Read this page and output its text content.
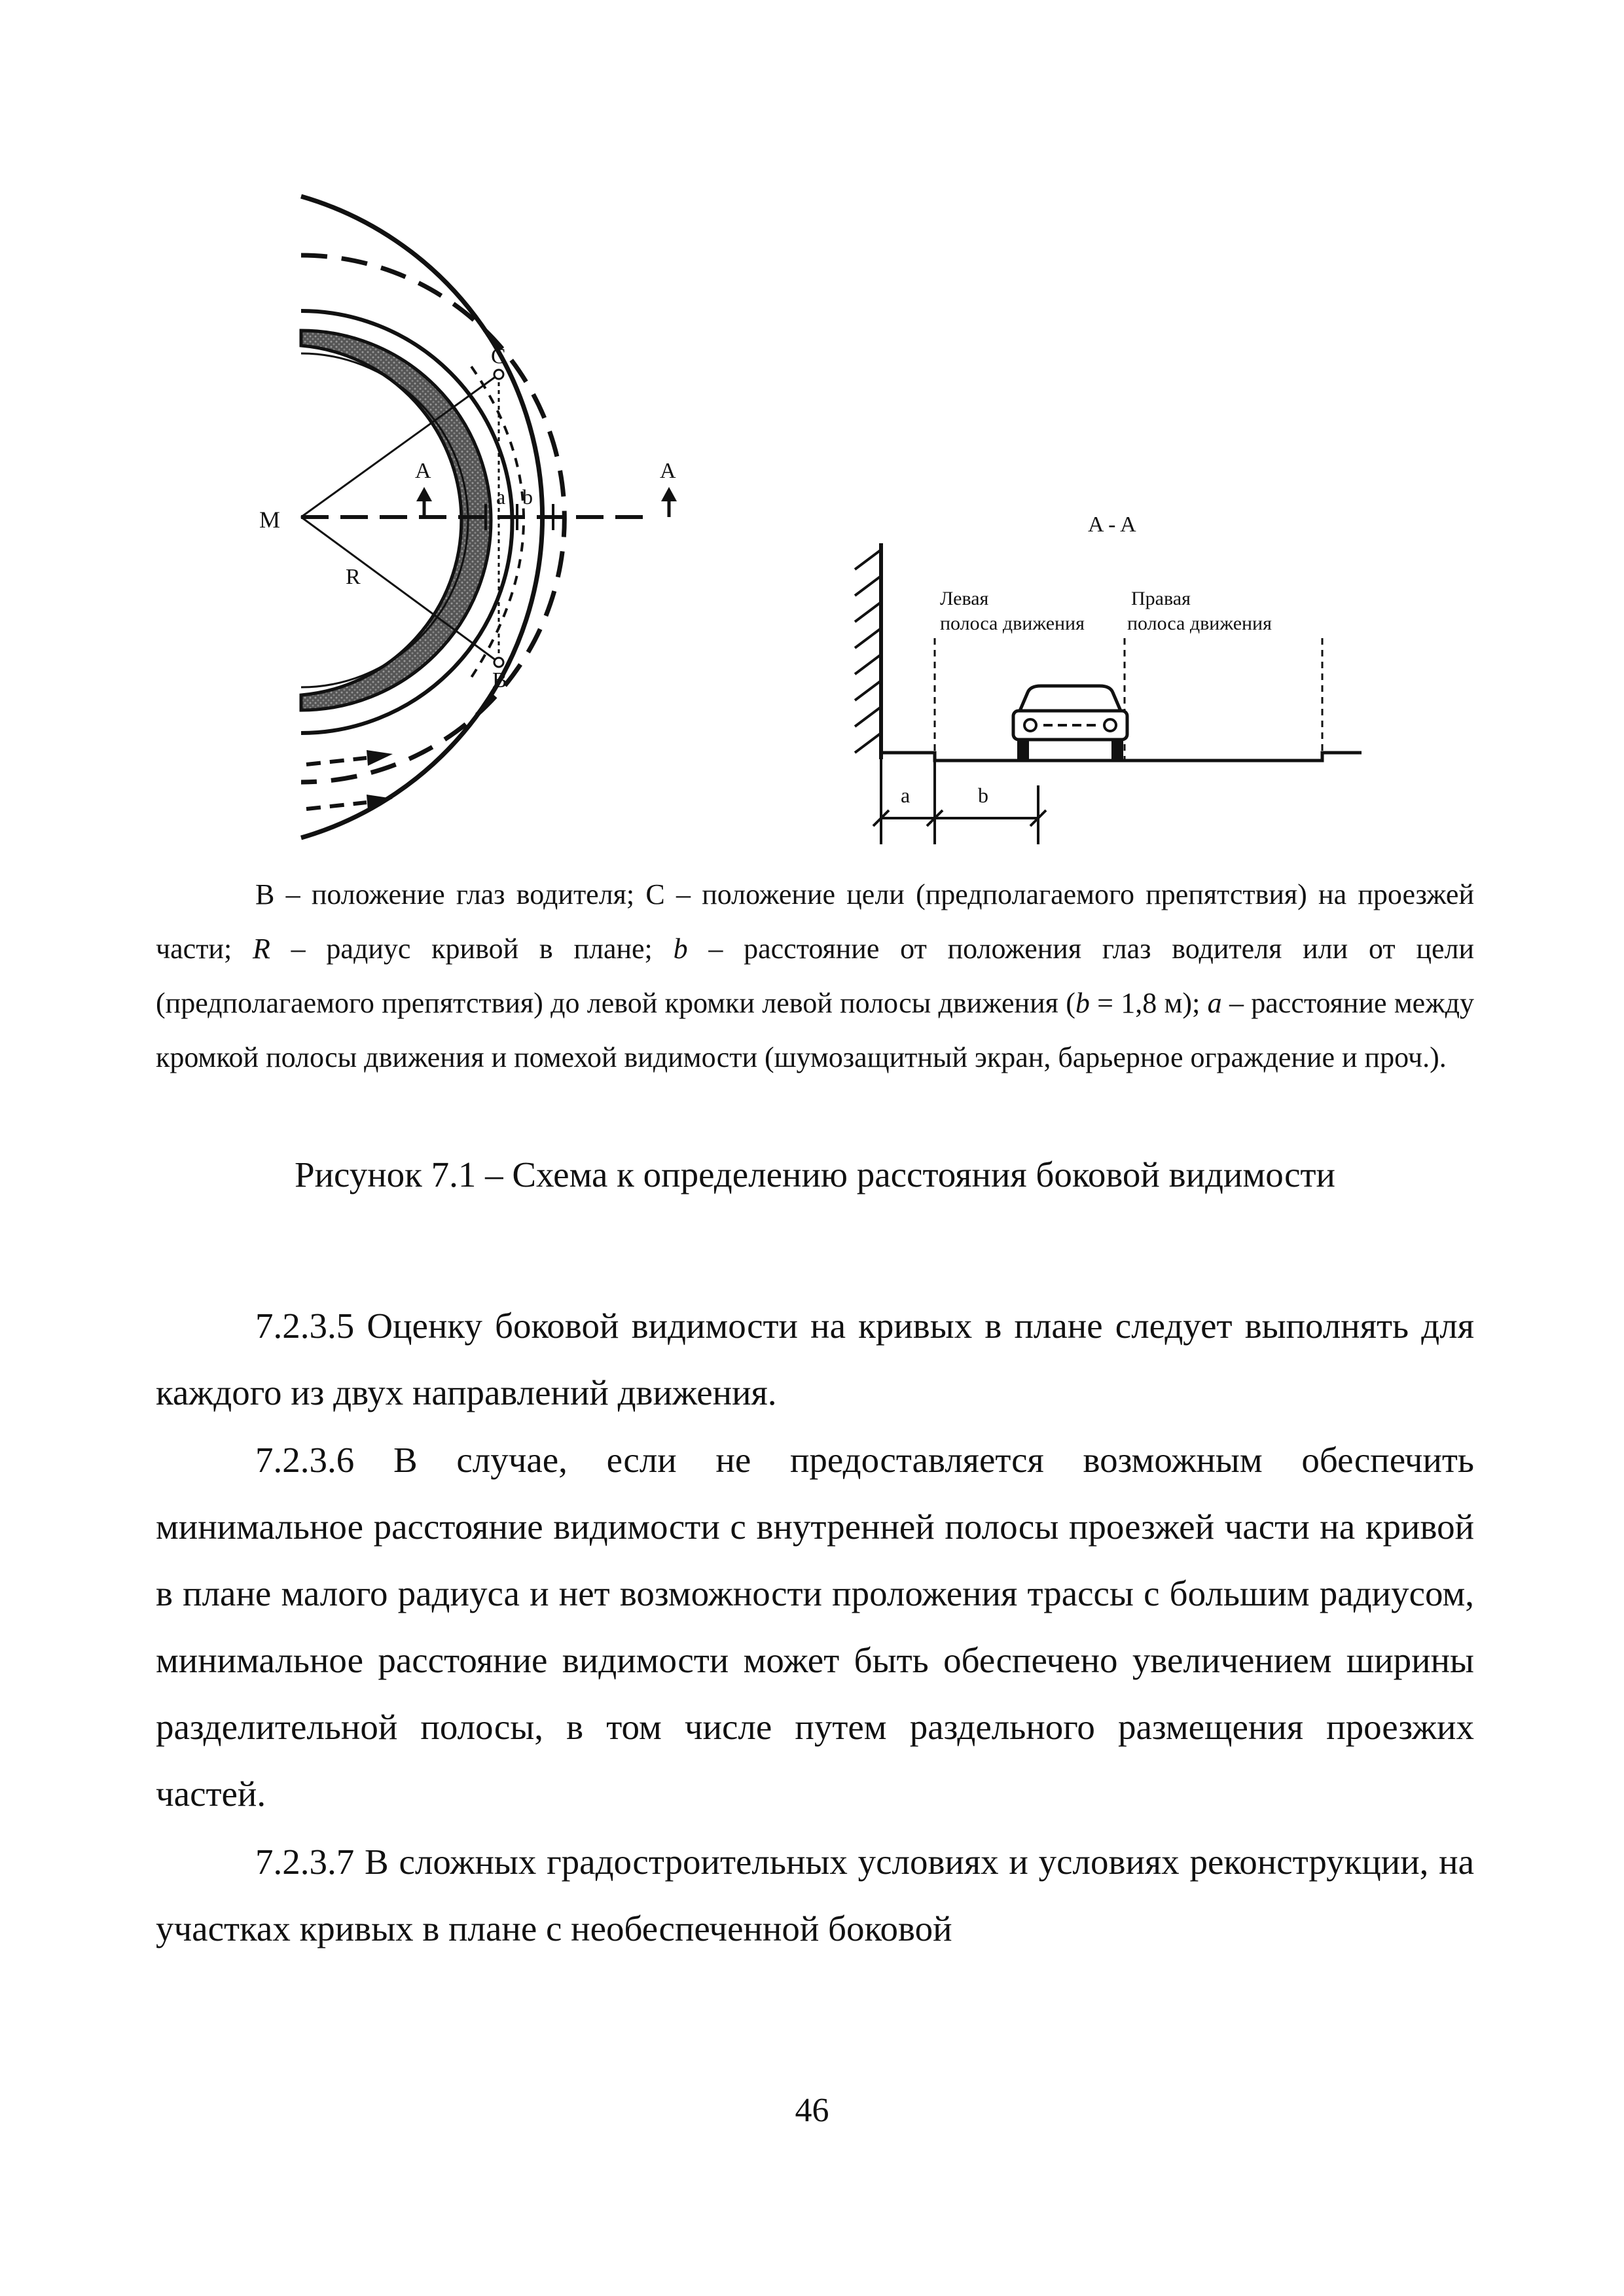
M
R
C
B
a b
A	A
A - A
a	b
Левая
полоса движения
Правая
полоса движения
B – положение глаз водителя; С – положение цели (предполагаемого препятствия) на проезжей части; R – радиус кривой в плане; b – расстояние от положения глаз водителя или от цели (предполагаемого препятствия) до левой кромки левой полосы движения (b = 1,8 м); a – расстояние между кромкой полосы движения и помехой видимости (шумозащитный экран, барьерное ограждение и проч.).
Рисунок 7.1 – Схема к определению расстояния боковой видимости

7.2.3.5 Оценку боковой видимости на кривых в плане следует выполнять для каждого из двух направлений движения.

7.2.3.6 В случае, если не предоставляется возможным обеспечить минимальное расстояние видимости с внутренней полосы проезжей части на кривой в плане малого радиуса и нет возможности проложения трассы с большим радиусом, минимальное расстояние видимости может быть обеспечено увеличением ширины разделительной полосы, в том числе путем раздельного размещения проезжих частей.

7.2.3.7 В сложных градостроительных условиях и условиях реконструкции, на участках кривых в плане с необеспеченной боковой

46
